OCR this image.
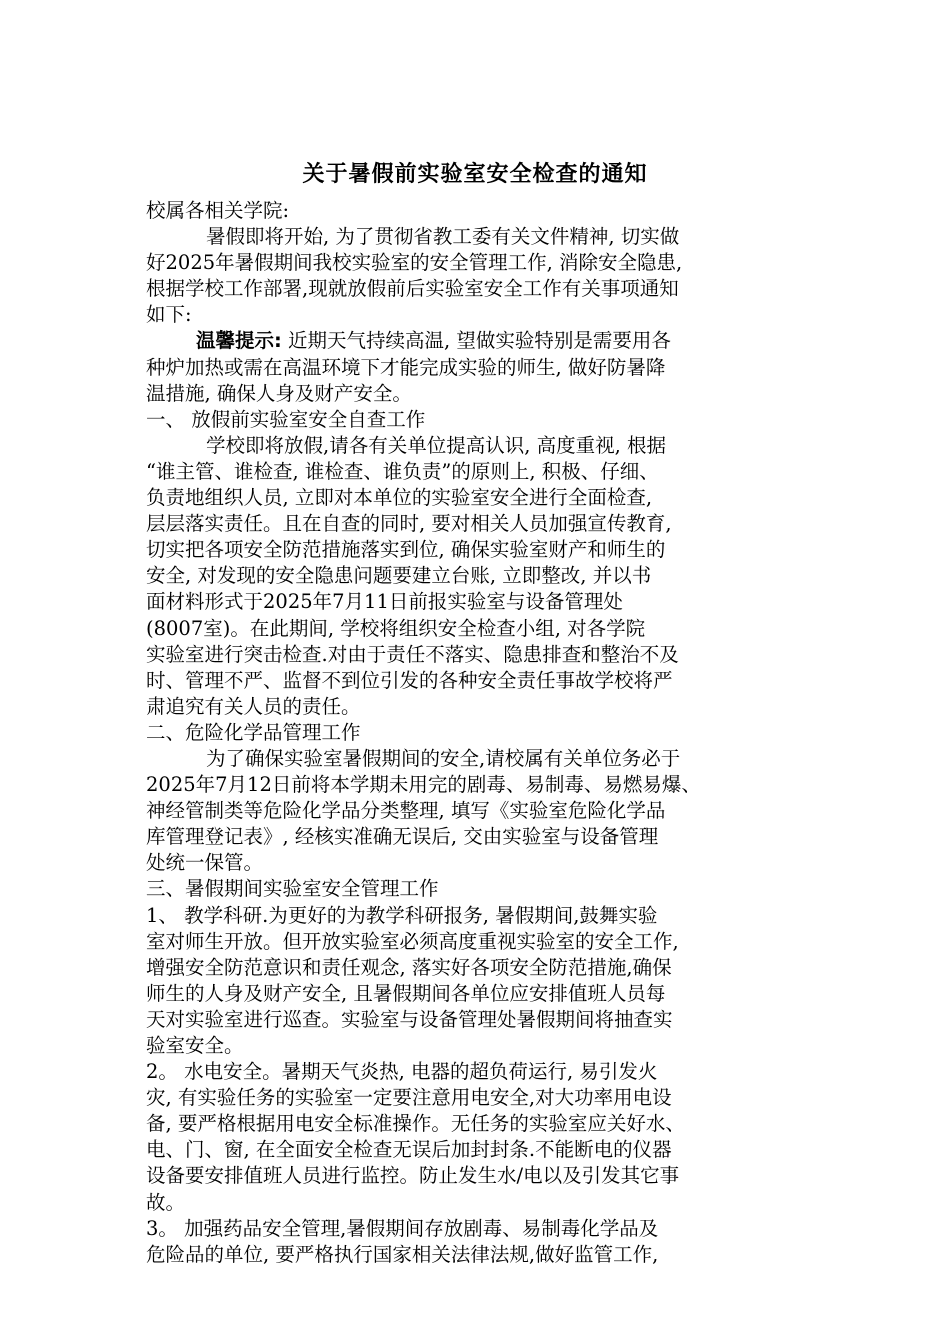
关于暑假前实验室安全检查的通知
校属各相关学院:
暑假即将开始, 为了贯彻省教工委有关文件精神, 切实做
好2025年暑假期间我校实验室的安全管理工作, 消除安全隐患,
根据学校工作部署,现就放假前后实验室安全工作有关事项通知
如下:
温馨提示: 近期天气持续高温, 望做实验特别是需要用各
种炉加热或需在高温环境下才能完成实验的师生, 做好防暑降
温措施, 确保人身及财产安全。
一、 放假前实验室安全自查工作
学校即将放假,请各有关单位提高认识, 高度重视, 根据
“谁主管、谁检查, 谁检查、谁负责”的原则上, 积极、仔细、
负责地组织人员, 立即对本单位的实验室安全进行全面检查,
层层落实责任。且在自查的同时, 要对相关人员加强宣传教育,
切实把各项安全防范措施落实到位, 确保实验室财产和师生的
安全, 对发现的安全隐患问题要建立台账, 立即整改, 并以书
面材料形式于2025年7月11日前报实验室与设备管理处
(8007室)。在此期间, 学校将组织安全检查小组, 对各学院
实验室进行突击检查.对由于责任不落实、隐患排查和整治不及
时、管理不严、监督不到位引发的各种安全责任事故学校将严
肃追究有关人员的责任。
二、危险化学品管理工作
为了确保实验室暑假期间的安全,请校属有关单位务必于
2025年7月12日前将本学期未用完的剧毒、易制毒、易燃易爆、
神经管制类等危险化学品分类整理, 填写《实验室危险化学品
库管理登记表》, 经核实准确无误后, 交由实验室与设备管理
处统一保管。
三、暑假期间实验室安全管理工作
1、 教学科研.为更好的为教学科研报务, 暑假期间,鼓舞实验
室对师生开放。但开放实验室必须高度重视实验室的安全工作,
增强安全防范意识和责任观念, 落实好各项安全防范措施,确保
师生的人身及财产安全, 且暑假期间各单位应安排值班人员每
天对实验室进行巡查。实验室与设备管理处暑假期间将抽查实
验室安全。
2。 水电安全。暑期天气炎热, 电器的超负荷运行, 易引发火
灾, 有实验任务的实验室一定要注意用电安全,对大功率用电设
备, 要严格根据用电安全标准操作。无任务的实验室应关好水、
电、门、窗, 在全面安全检查无误后加封封条.不能断电的仪器
设备要安排值班人员进行监控。防止发生水/电以及引发其它事
故。
3。 加强药品安全管理,暑假期间存放剧毒、易制毒化学品及
危险品的单位, 要严格执行国家相关法律法规,做好监管工作,
